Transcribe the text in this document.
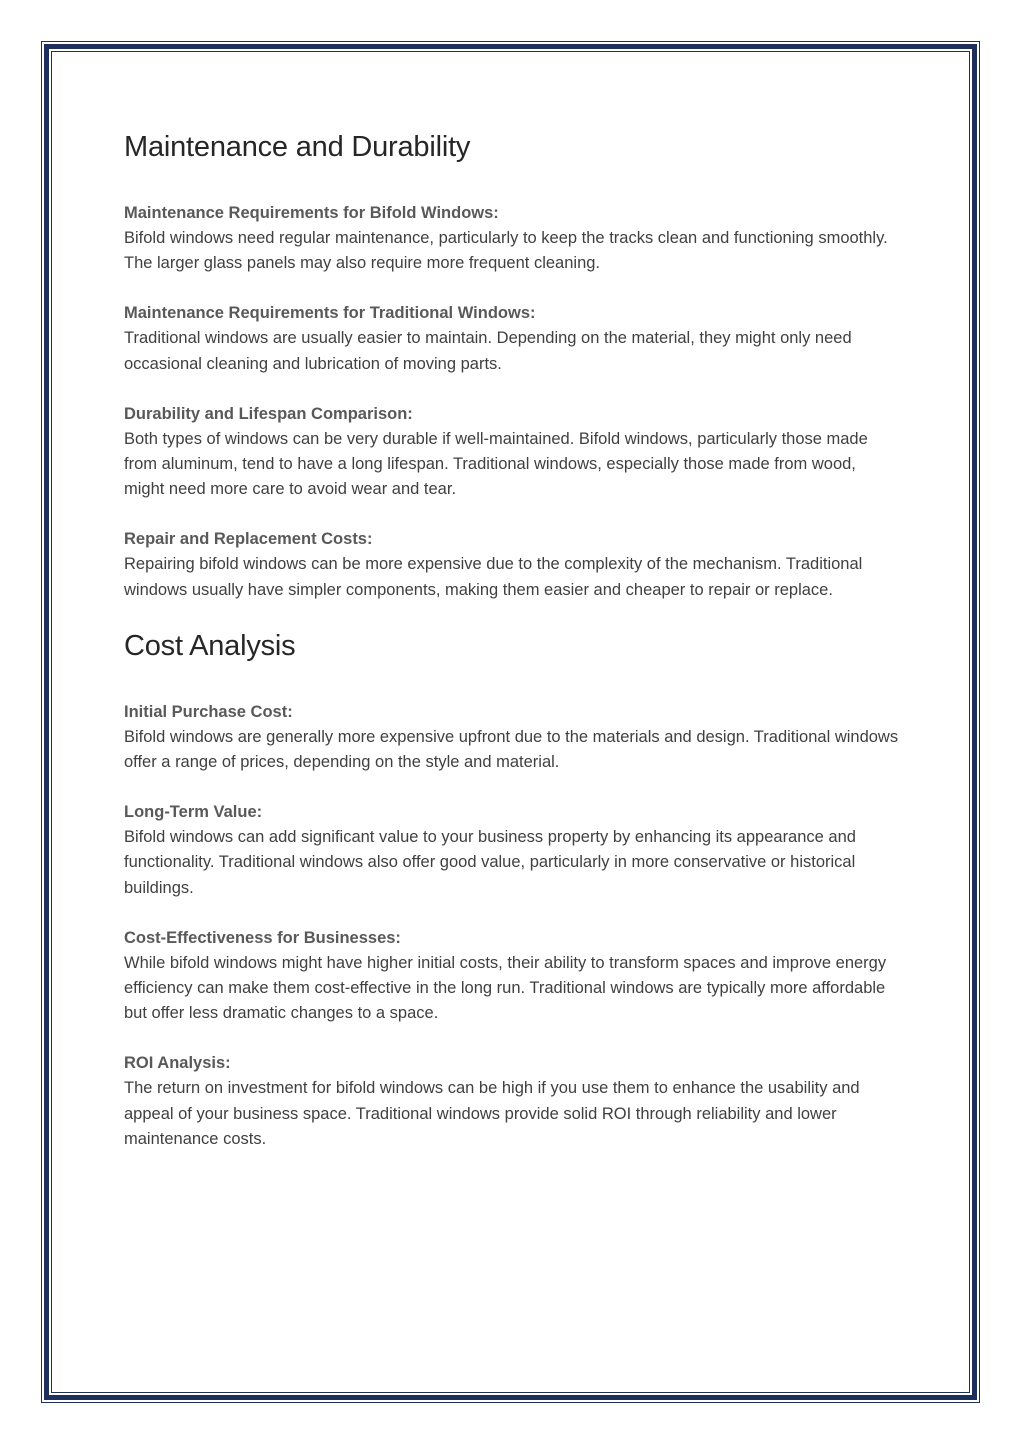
Maintenance and Durability

Maintenance Requirements for Bifold Windows:

Bifold windows need regular maintenance, particularly to keep the tracks clean and functioning smoothly. The larger glass panels may also require more frequent cleaning.

Maintenance Requirements for Traditional Windows:

Traditional windows are usually easier to maintain. Depending on the material, they might only need occasional cleaning and lubrication of moving parts.

Durability and Lifespan Comparison:

Both types of windows can be very durable if well-maintained. Bifold windows, particularly those made from aluminum, tend to have a long lifespan. Traditional windows, especially those made from wood, might need more care to avoid wear and tear.

Repair and Replacement Costs:

Repairing bifold windows can be more expensive due to the complexity of the mechanism. Traditional windows usually have simpler components, making them easier and cheaper to repair or replace.

Cost Analysis

Initial Purchase Cost:

Bifold windows are generally more expensive upfront due to the materials and design. Traditional windows offer a range of prices, depending on the style and material.

Long-Term Value:

Bifold windows can add significant value to your business property by enhancing its appearance and functionality. Traditional windows also offer good value, particularly in more conservative or historical buildings.

Cost-Effectiveness for Businesses:

While bifold windows might have higher initial costs, their ability to transform spaces and improve energy efficiency can make them cost-effective in the long run. Traditional windows are typically more affordable but offer less dramatic changes to a space.

ROI Analysis:

The return on investment for bifold windows can be high if you use them to enhance the usability and appeal of your business space. Traditional windows provide solid ROI through reliability and lower maintenance costs.
